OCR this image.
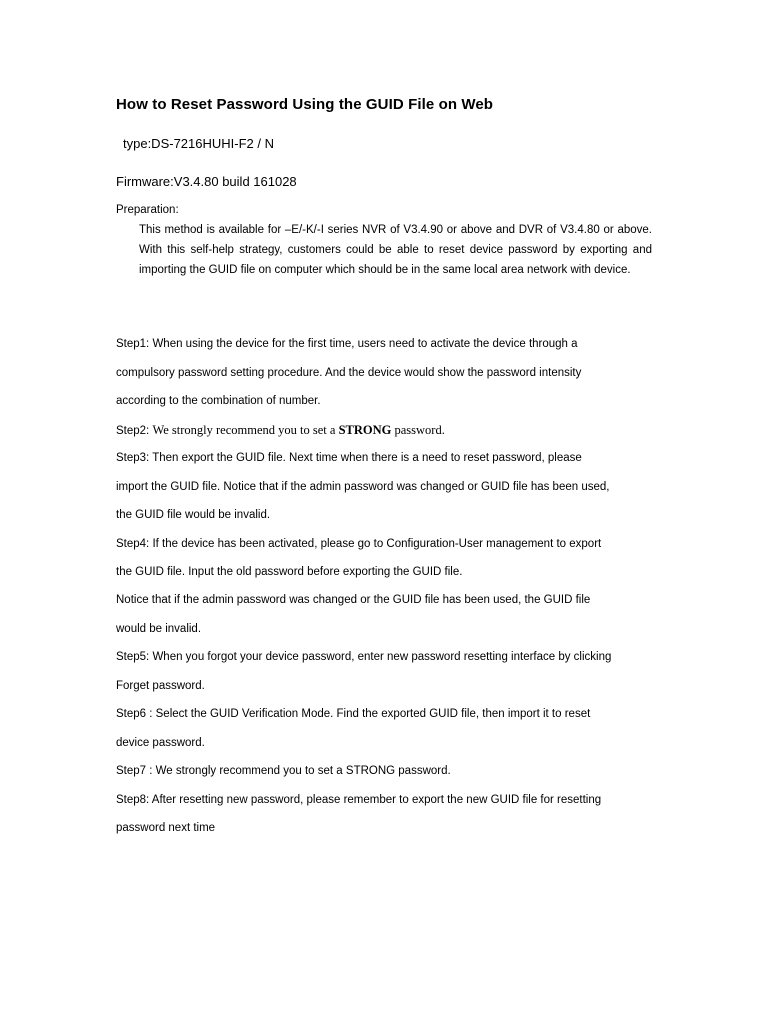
How to Reset Password Using the GUID File on Web
type:DS-7216HUHI-F2 / N
Firmware:V3.4.80 build 161028
Preparation:

This method is available for –E/-K/-I series NVR of V3.4.90 or above and DVR of V3.4.80 or above. With this self-help strategy, customers could be able to reset device password by exporting and importing the GUID file on computer which should be in the same local area network with device.

Step1: When using the device for the first time, users need to activate the device through a
compulsory password setting procedure. And the device would show the password intensity
according to the combination of number.
Step2: We strongly recommend you to set a STRONG password.
Step3: Then export the GUID file. Next time when there is a need to reset password, please
import the GUID file. Notice that if the admin password was changed or GUID file has been used,
the GUID file would be invalid.
Step4: If the device has been activated, please go to Configuration-User management to export
the GUID file. Input the old password before exporting the GUID file.
Notice that if the admin password was changed or the GUID file has been used, the GUID file
would be invalid.
Step5: When you forgot your device password, enter new password resetting interface by clicking
Forget password.
Step6 : Select the GUID Verification Mode. Find the exported GUID file, then import it to reset
device password.
Step7 : We strongly recommend you to set a STRONG password.
Step8: After resetting new password, please remember to export the new GUID file for resetting
password next time
